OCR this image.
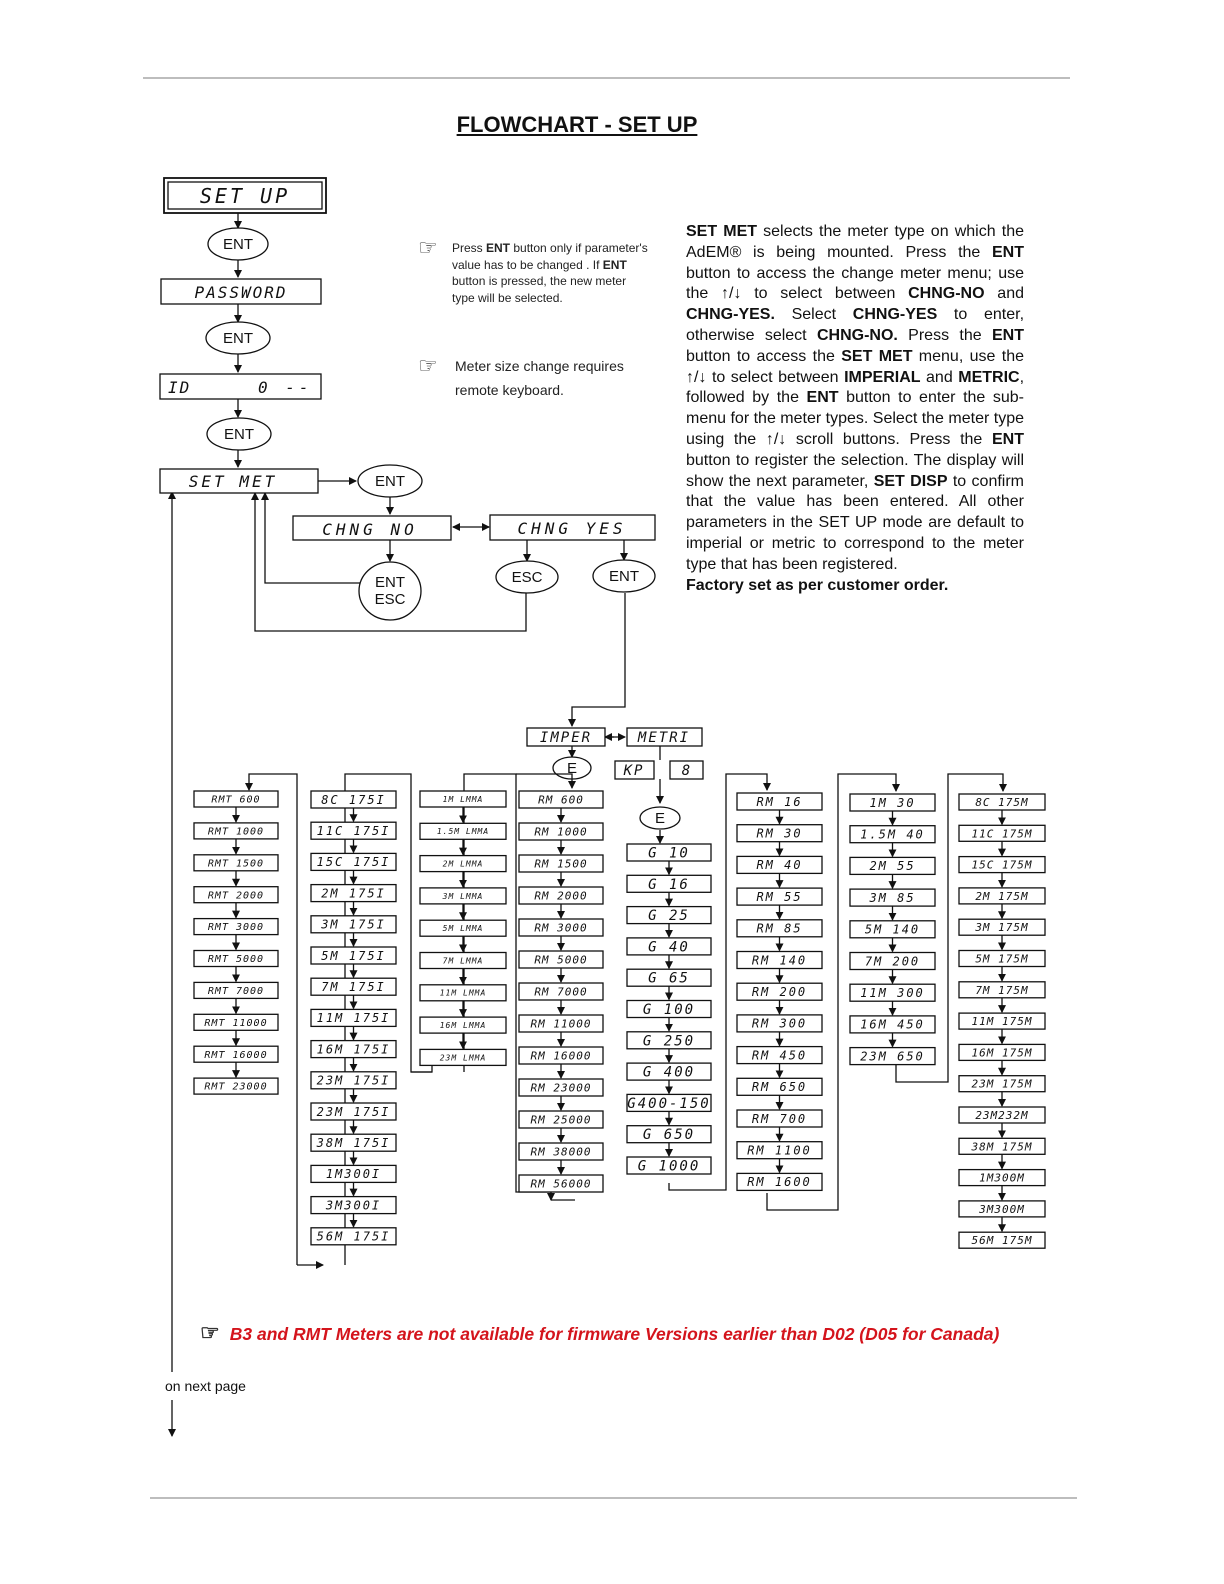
FLOWCHART - SET UP
SET UP
PASSWORD
ID	0 --
SET MET
CHNG NO	CHNG YES
ENT
ENT
ENT
ENT
ENT
ESC
ESC	ENT
IMPER	METRI
E	KP	8
E
RMT 600
RMT 1000
RMT 1500
RMT 2000
RMT 3000
RMT 5000
RMT 7000
RMT 11000
RMT 16000
RMT 23000
8C 175I
11C 175I
15C 175I
2M 175I
3M 175I
5M 175I
7M 175I
11M 175I
16M 175I
23M 175I
23M 175I
38M 175I
1M300I
3M300I
56M 175I
1M LMMA
1.5M LMMA
2M LMMA
3M LMMA
5M LMMA
7M LMMA
11M LMMA
16M LMMA
23M LMMA
RM 600
RM 1000
RM 1500
RM 2000
RM 3000
RM 5000
RM 7000
RM 11000
RM 16000
RM 23000
RM 25000
RM 38000
RM 56000
G 10
G 16
G 25
G 40
G 65
G 100
G 250
G 400
G400-150
G 650
G 1000
RM 16
RM 30
RM 40
RM 55
RM 85
RM 140
RM 200
RM 300
RM 450
RM 650
RM 700
RM 1100
RM 1600
1M 30
1.5M 40
2M 55
3M 85
5M 140
7M 200
11M 300
16M 450
23M 650
8C 175M
11C 175M
15C 175M
2M 175M
3M 175M
5M 175M
7M 175M
11M 175M
16M 175M
23M 175M
23M232M
38M 175M
1M300M
3M300M
56M 175M
☞ Press ENT button only if parameter's value has to be changed . If ENT button is pressed, the new meter type will be selected.
☞ Meter size change requires remote keyboard.
SET MET selects the meter type on which the AdEM® is being mounted. Press the ENT button to access the change meter menu; use the ↑/↓ to select between CHNG-NO and CHNG-YES. Select CHNG-YES to enter, otherwise select CHNG-NO. Press the ENT button to access the SET MET menu, use the ↑/↓ to select between IMPERIAL and METRIC, followed by the ENT button to enter the sub-menu for the meter types. Select the meter type using the ↑/↓ scroll buttons. Press the ENT button to register the selection. The display will show the next parameter, SET DISP to confirm that the value has been entered. All other parameters in the SET UP mode are default to imperial or metric to correspond to the meter type that has been registered.
Factory set as per customer order.
☞ B3 and RMT Meters are not available for firmware Versions earlier than D02 (D05 for Canada)
on next page
